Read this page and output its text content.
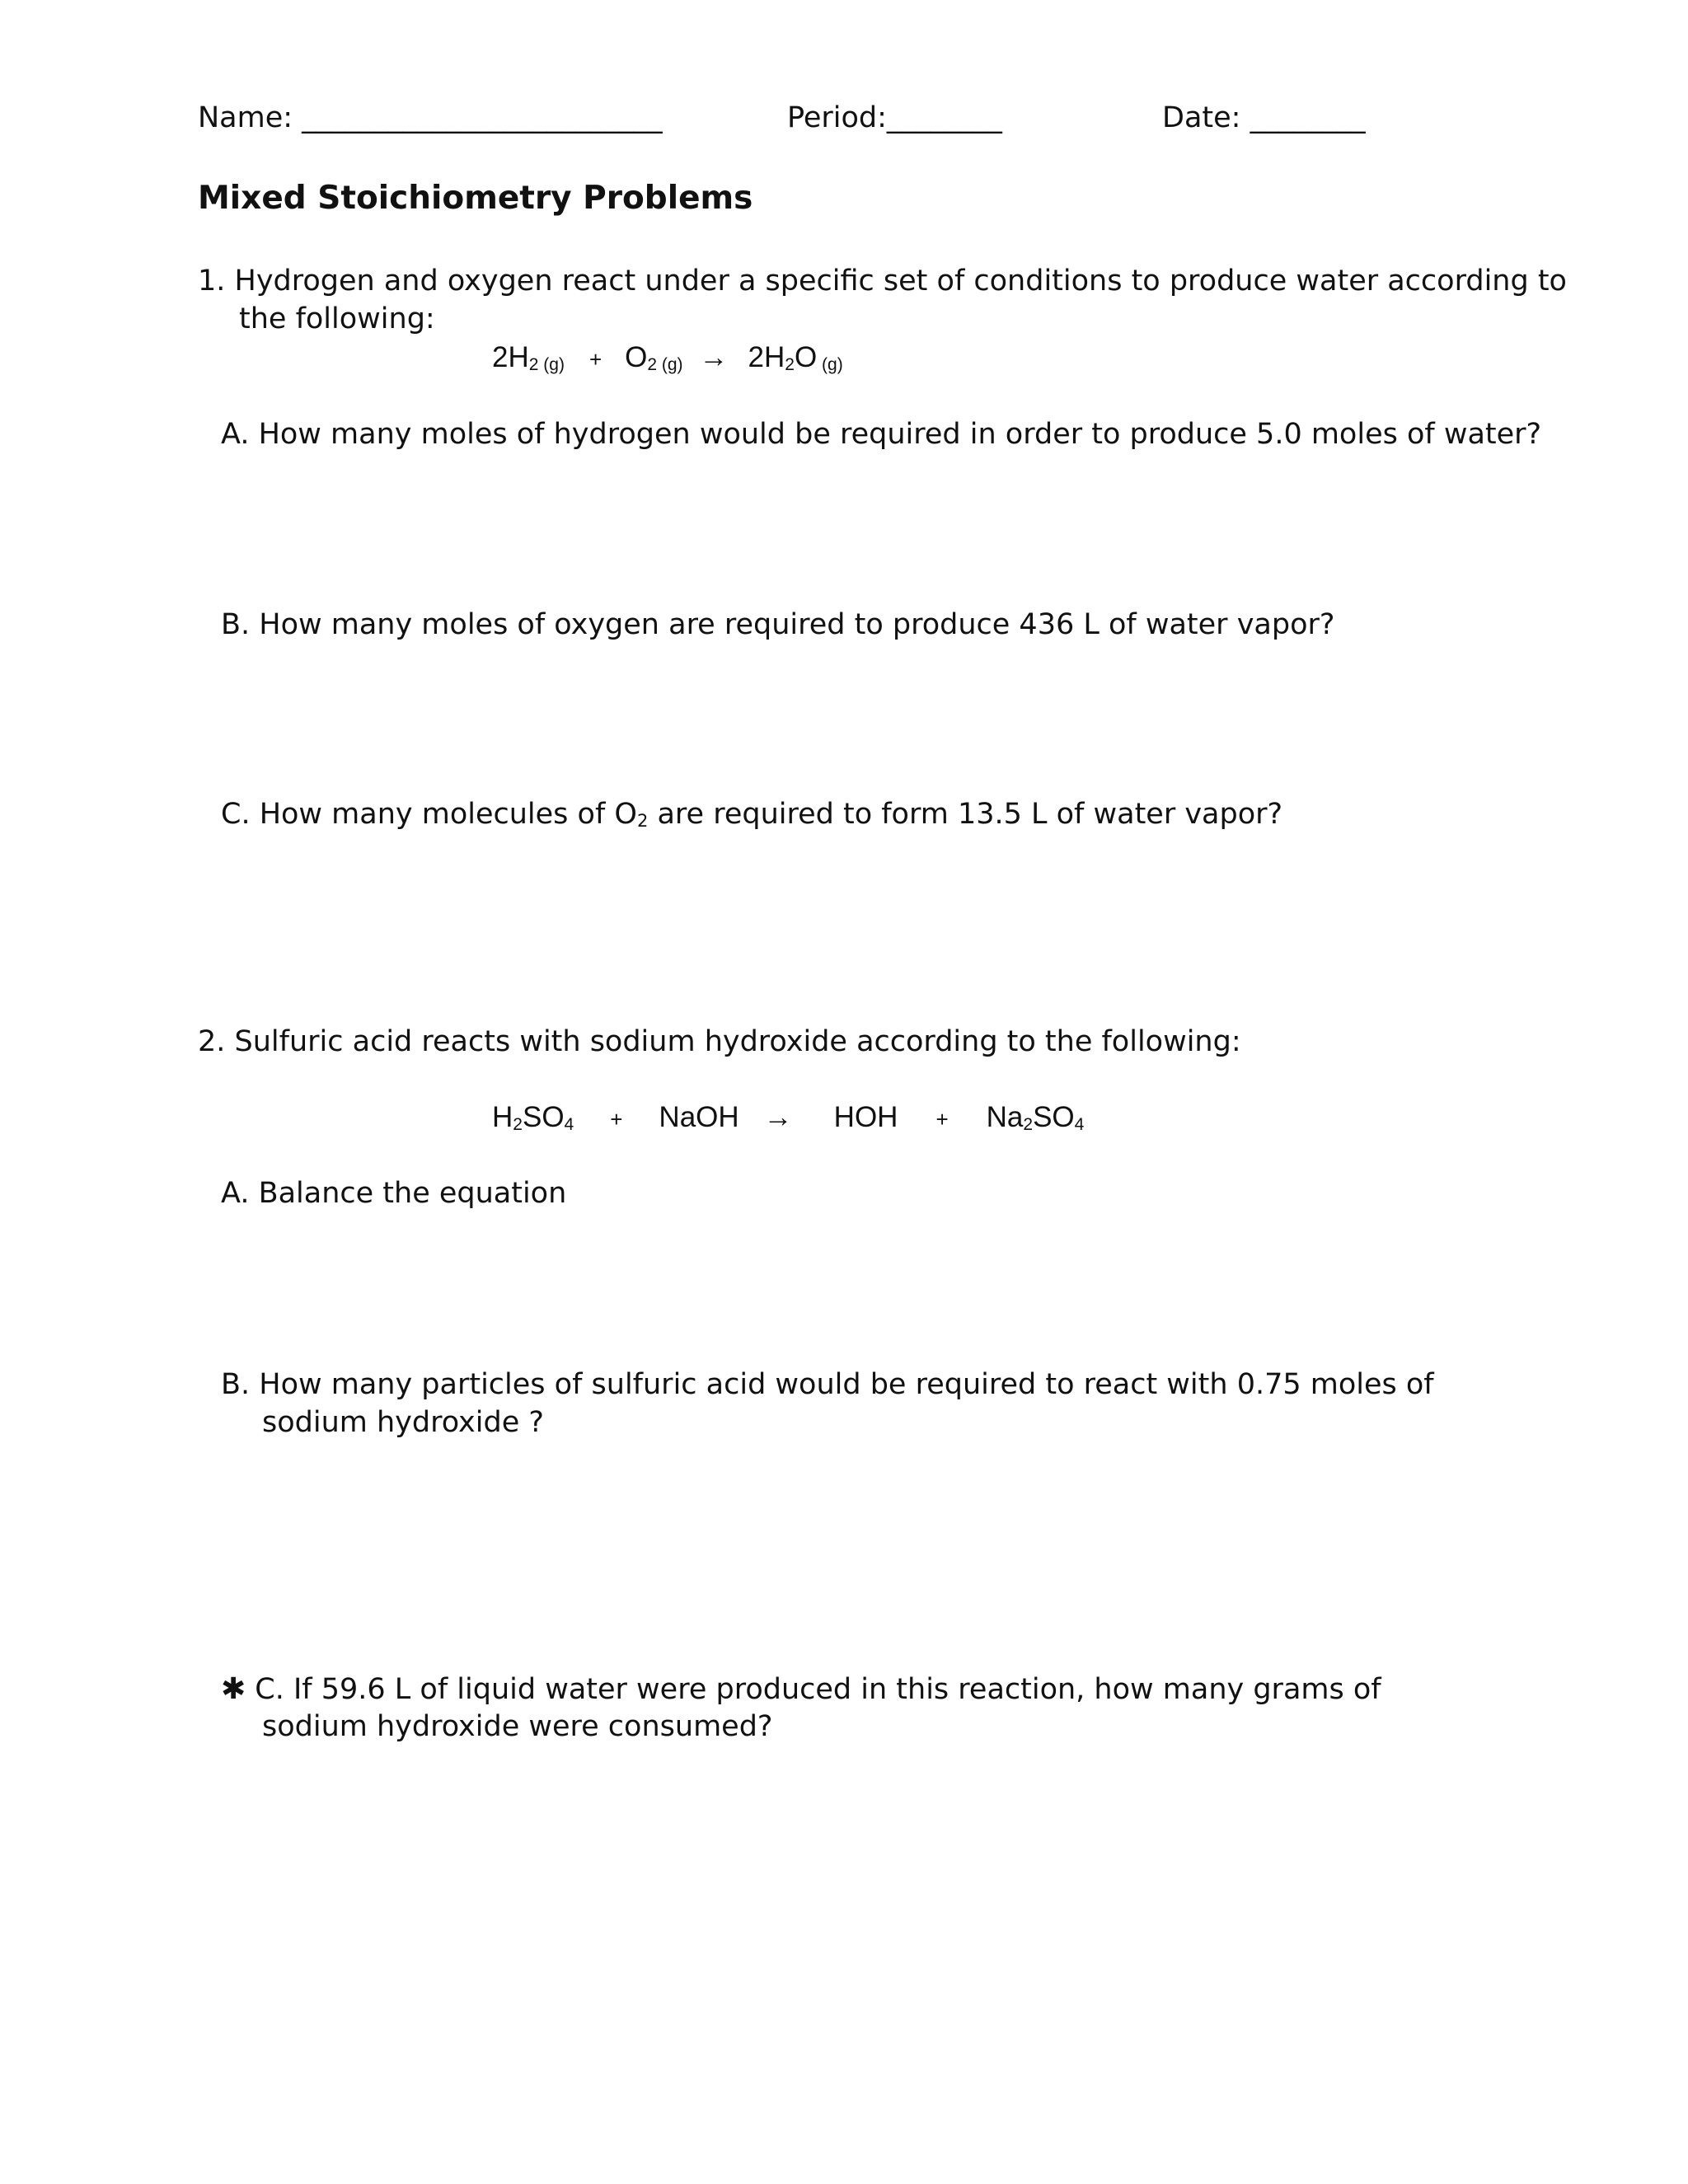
Name: _________________________	Period:________	Date: ________
Mixed Stoichiometry Problems
1. Hydrogen and oxygen react under a specific set of conditions to produce water according to
the following:
$2H_2$ $(g) + O_2$ $(g) \to 2H_2O$ (g)
A. How many moles of hydrogen would be required in order to produce 5.0 moles of water?
B. How many moles of oxygen are required to produce 436 L of water vapor?
C. How many molecules of $O_2$ are required to form 13.5 L of water vapor?
2. Sulfuric acid reacts with sodium hydroxide according to the following:
$H_2SO_4$ + NaOH → HOH + $Na_2SO_4$
A. Balance the equation
B. How many particles of sulfuric acid would be required to react with 0.75 moles of
sodium hydroxide ?
✱ C. If 59.6 L of liquid water were produced in this reaction, how many grams of
sodium hydroxide were consumed?
